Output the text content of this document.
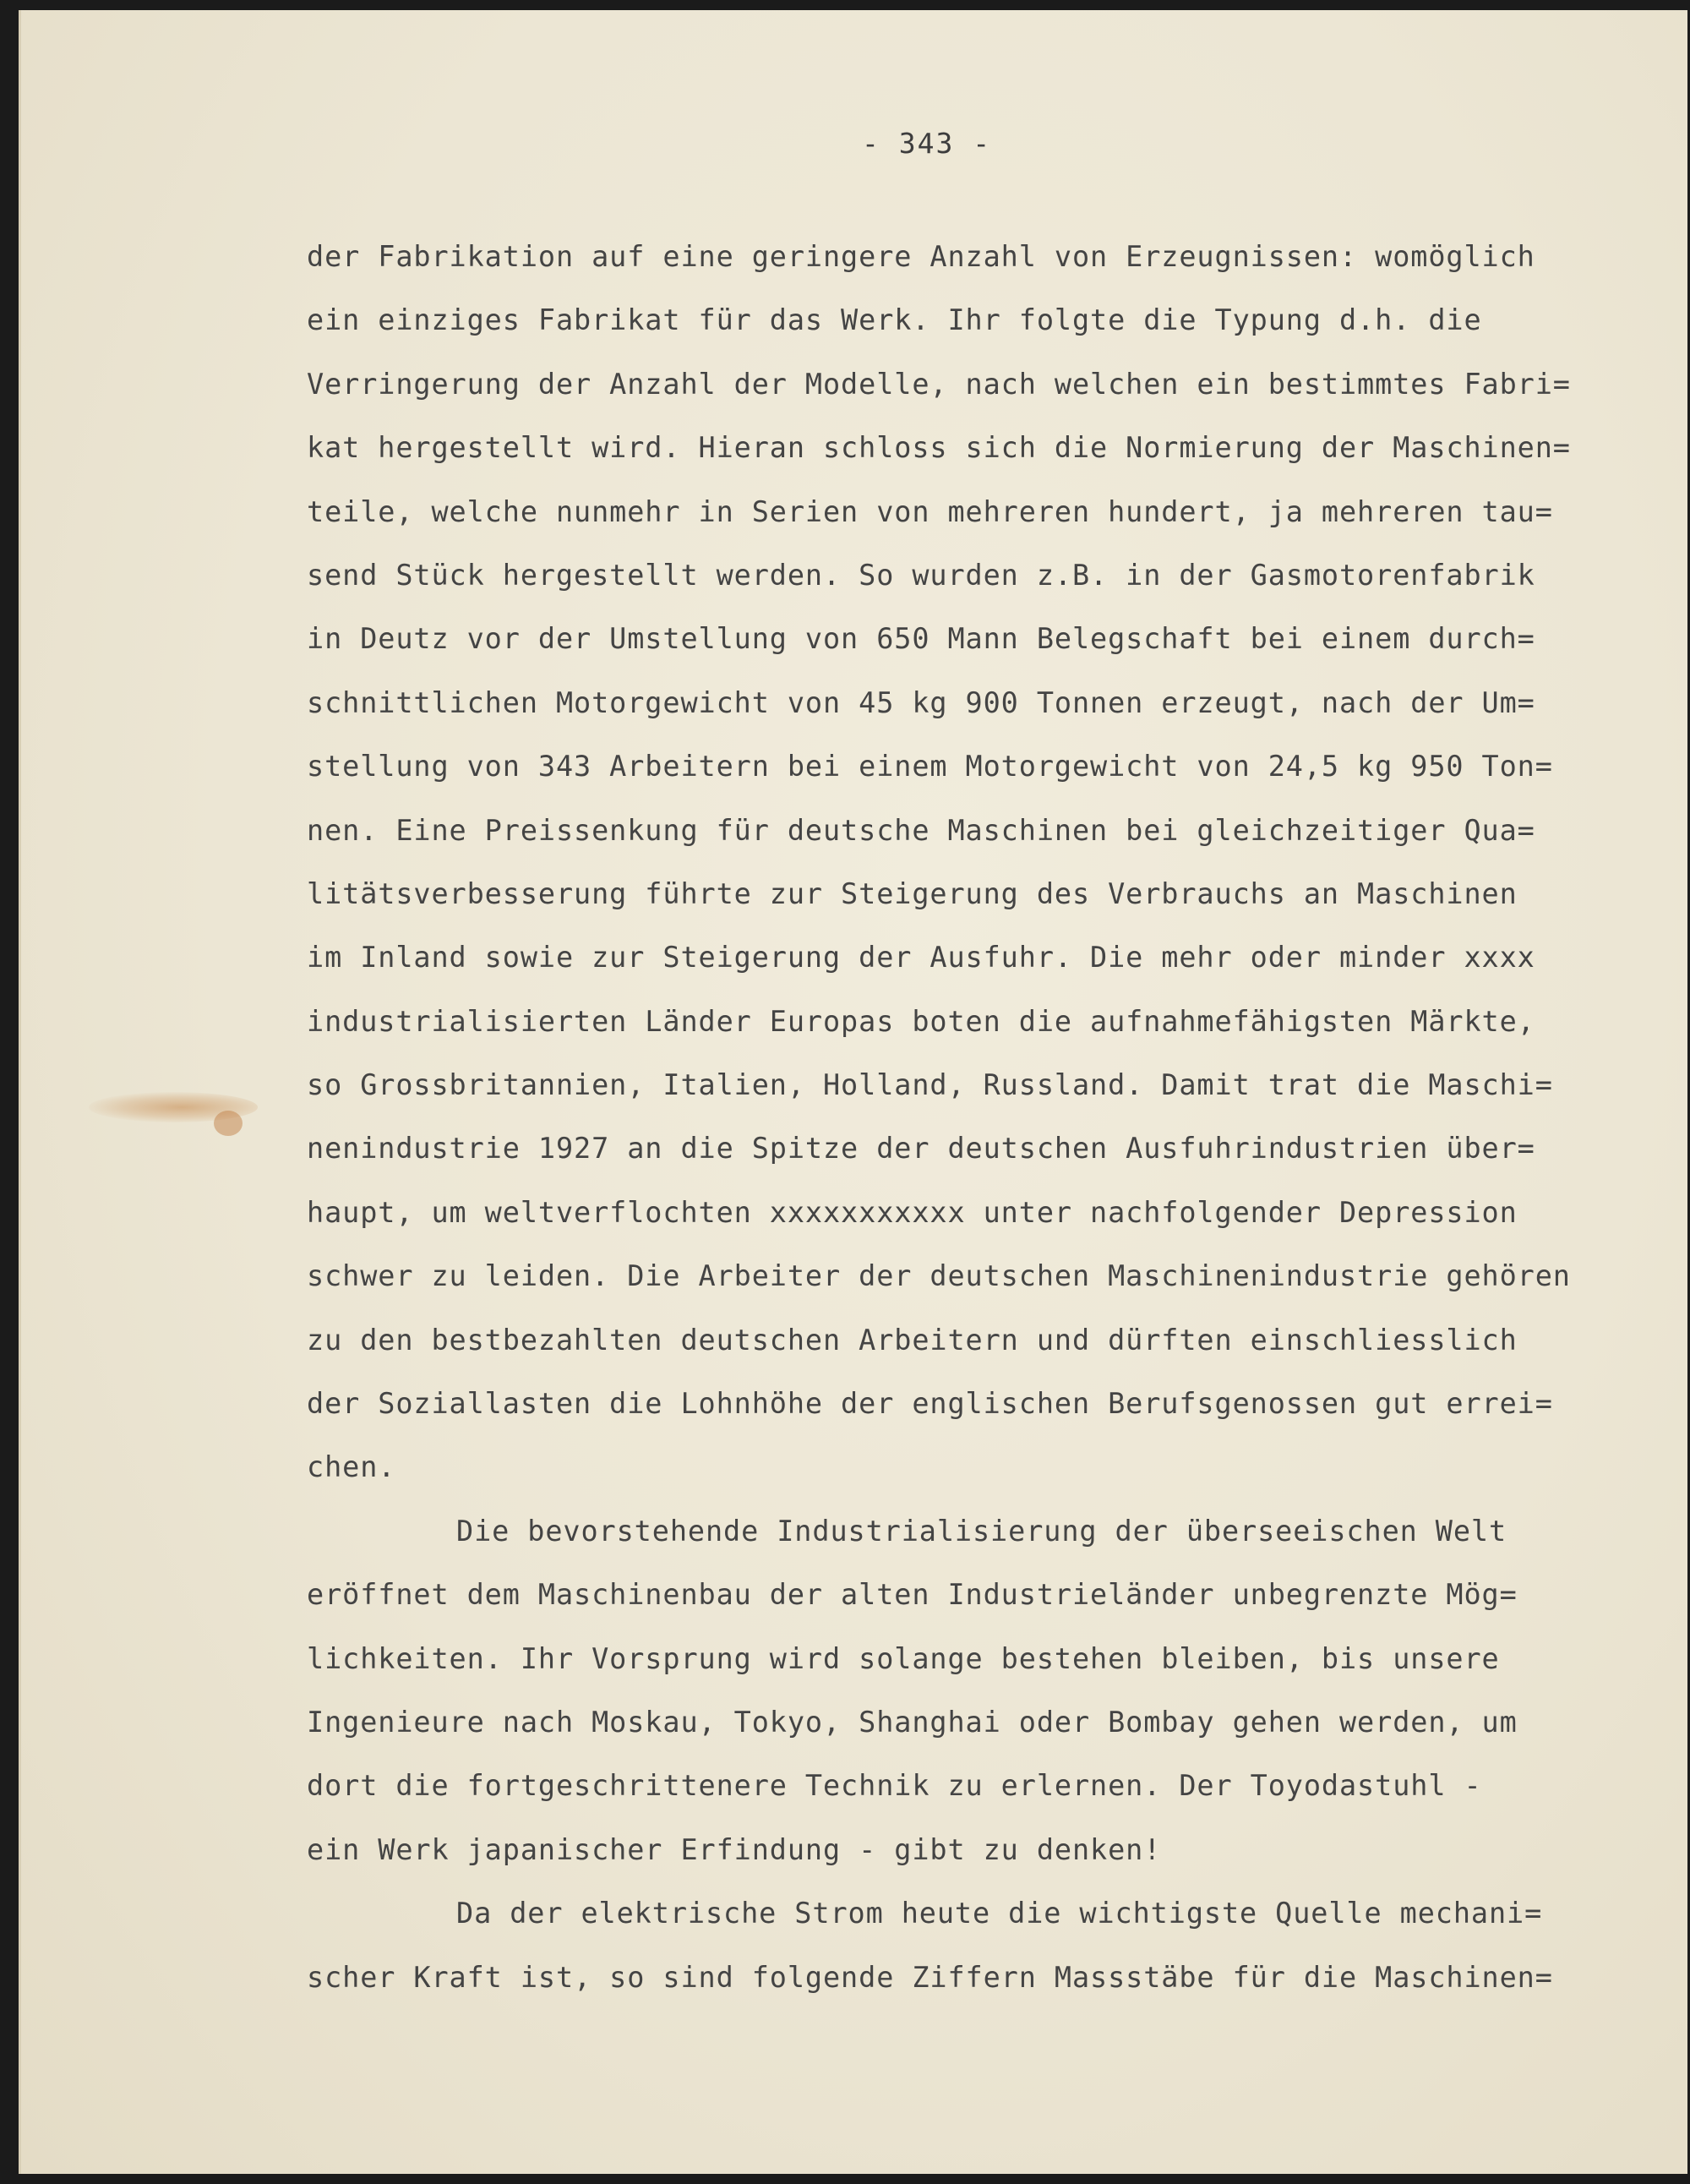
- 343 -
der Fabrikation auf eine geringere Anzahl von Erzeugnissen: womöglich
ein einziges Fabrikat für das Werk. Ihr folgte die Typung d.h. die
Verringerung der Anzahl der Modelle, nach welchen ein bestimmtes Fabri=
kat hergestellt wird. Hieran schloss sich die Normierung der Maschinen=
teile, welche nunmehr in Serien von mehreren hundert, ja mehreren tau=
send Stück hergestellt werden. So wurden z.B. in der Gasmotorenfabrik
in Deutz vor der Umstellung von 650 Mann Belegschaft bei einem durch=
schnittlichen Motorgewicht von 45 kg 900 Tonnen erzeugt, nach der Um=
stellung von 343 Arbeitern bei einem Motorgewicht von 24,5 kg 950 Ton=
nen. Eine Preissenkung für deutsche Maschinen bei gleichzeitiger Qua=
litätsverbesserung führte zur Steigerung des Verbrauchs an Maschinen
im Inland sowie zur Steigerung der Ausfuhr. Die mehr oder minder xxxx
industrialisierten Länder Europas boten die aufnahmefähigsten Märkte,
so Grossbritannien, Italien, Holland, Russland. Damit trat die Maschi=
nenindustrie 1927 an die Spitze der deutschen Ausfuhrindustrien über=
haupt, um weltverflochten xxxxxxxxxxx unter nachfolgender Depression
schwer zu leiden. Die Arbeiter der deutschen Maschinenindustrie gehören
zu den bestbezahlten deutschen Arbeitern und dürften einschliesslich
der Soziallasten die Lohnhöhe der englischen Berufsgenossen gut errei=
chen.
Die bevorstehende Industrialisierung der überseeischen Welt
eröffnet dem Maschinenbau der alten Industrieländer unbegrenzte Mög=
lichkeiten. Ihr Vorsprung wird solange bestehen bleiben, bis unsere
Ingenieure nach Moskau, Tokyo, Shanghai oder Bombay gehen werden, um
dort die fortgeschrittenere Technik zu erlernen. Der Toyodastuhl -
ein Werk japanischer Erfindung - gibt zu denken!
Da der elektrische Strom heute die wichtigste Quelle mechani=
scher Kraft ist, so sind folgende Ziffern Massstäbe für die Maschinen=
